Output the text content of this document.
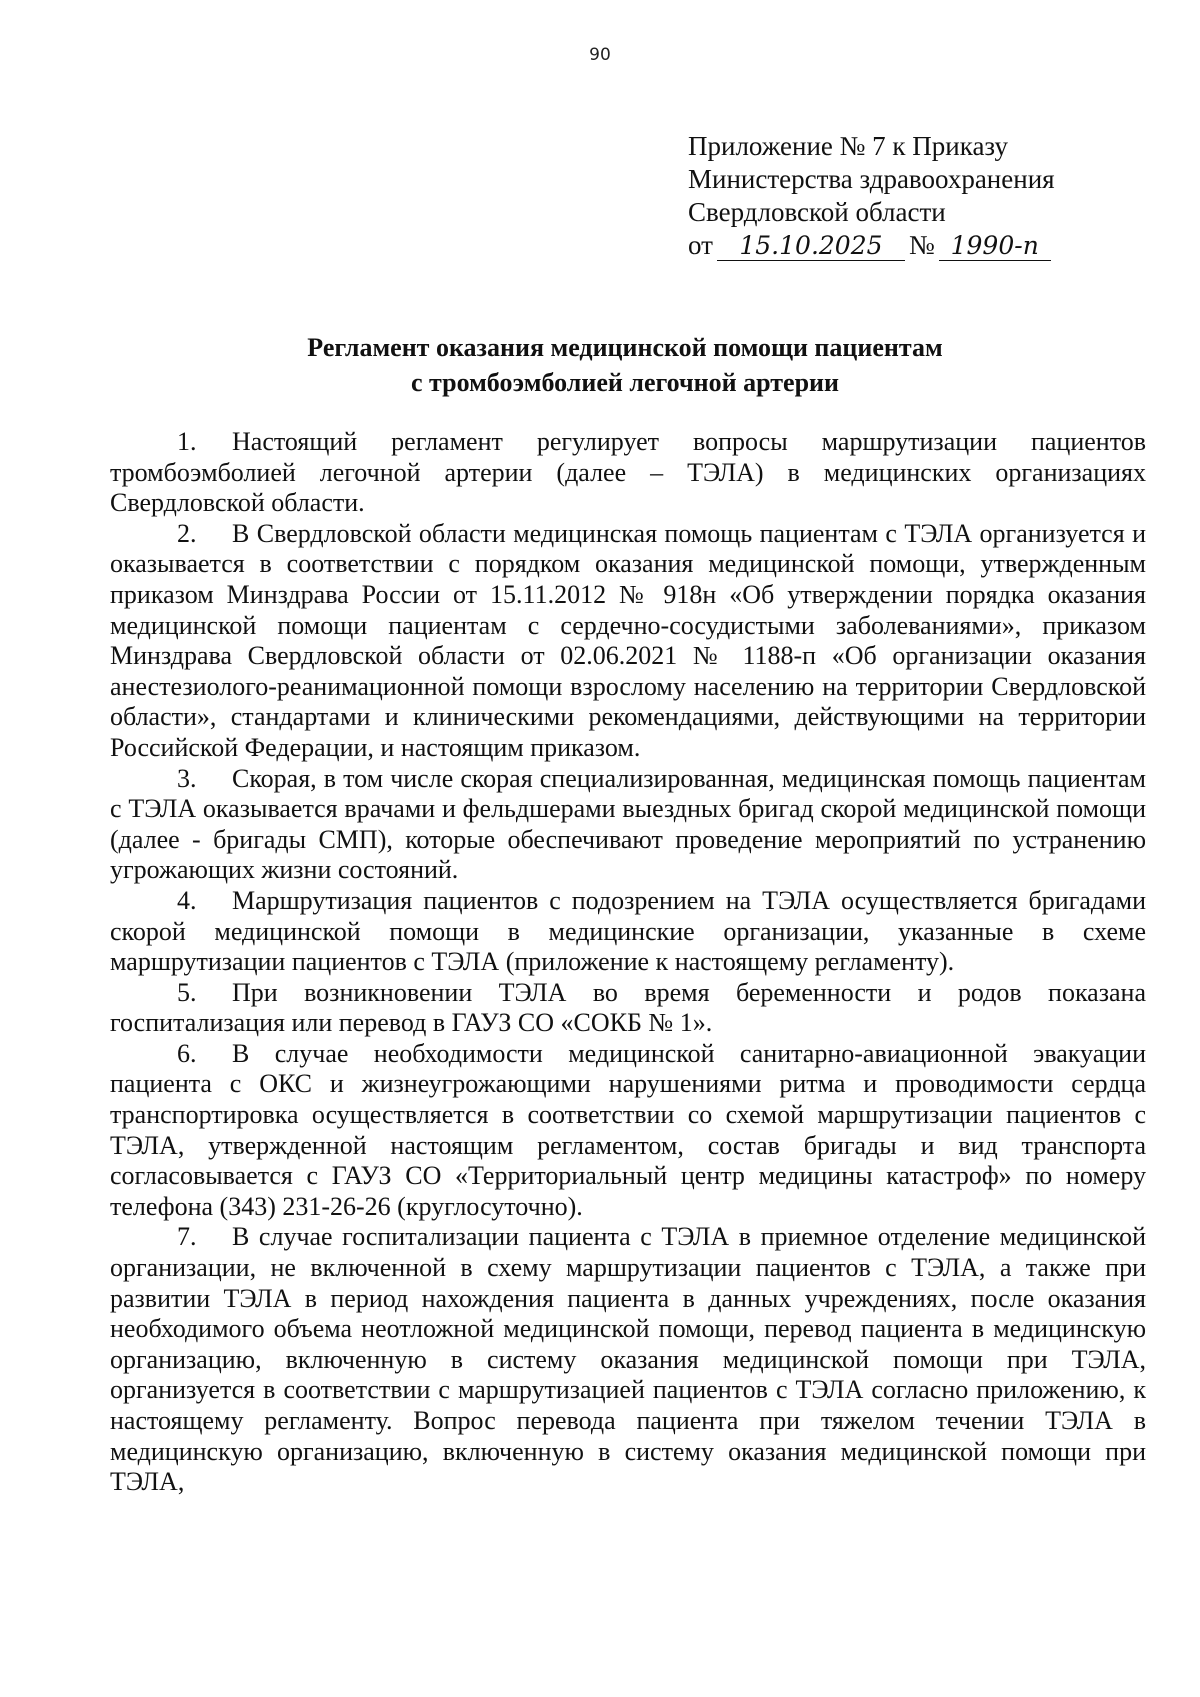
90
Приложение № 7 к Приказу
Министерства здравоохранения
Свердловской области
от 15.10.2025 № 1990-п
Регламент оказания медицинской помощи пациентам
с тромбоэмболией легочной артерии

1. Настоящий регламент регулирует вопросы маршрутизации пациентов тромбоэмболией легочной артерии (далее – ТЭЛА) в медицинских организациях Свердловской области.

2. В Свердловской области медицинская помощь пациентам с ТЭЛА организуется и оказывается в соответствии с порядком оказания медицинской помощи, утвержденным приказом Минздрава России от 15.11.2012 № 918н «Об утверждении порядка оказания медицинской помощи пациентам с сердечно-сосудистыми заболеваниями», приказом Минздрава Свердловской области от 02.06.2021 № 1188-п «Об организации оказания анестезиолого-реанимационной помощи взрослому населению на территории Свердловской области», стандартами и клиническими рекомендациями, действующими на территории Российской Федерации, и настоящим приказом.

3. Скорая, в том числе скорая специализированная, медицинская помощь пациентам с ТЭЛА оказывается врачами и фельдшерами выездных бригад скорой медицинской помощи (далее - бригады СМП), которые обеспечивают проведение мероприятий по устранению угрожающих жизни состояний.

4. Маршрутизация пациентов с подозрением на ТЭЛА осуществляется бригадами скорой медицинской помощи в медицинские организации, указанные в схеме маршрутизации пациентов с ТЭЛА (приложение к настоящему регламенту).

5. При возникновении ТЭЛА во время беременности и родов показана госпитализация или перевод в ГАУЗ СО «СОКБ № 1».

6. В случае необходимости медицинской санитарно-авиационной эвакуации пациента с ОКС и жизнеугрожающими нарушениями ритма и проводимости сердца транспортировка осуществляется в соответствии со схемой маршрутизации пациентов с ТЭЛА, утвержденной настоящим регламентом, состав бригады и вид транспорта согласовывается с ГАУЗ СО «Территориальный центр медицины катастроф» по номеру телефона (343) 231-26-26 (круглосуточно).

7. В случае госпитализации пациента с ТЭЛА в приемное отделение медицинской организации, не включенной в схему маршрутизации пациентов с ТЭЛА, а также при развитии ТЭЛА в период нахождения пациента в данных учреждениях, после оказания необходимого объема неотложной медицинской помощи, перевод пациента в медицинскую организацию, включенную в систему оказания медицинской помощи при ТЭЛА, организуется в соответствии с маршрутизацией пациентов с ТЭЛА согласно приложению, к настоящему регламенту. Вопрос перевода пациента при тяжелом течении ТЭЛА в медицинскую организацию, включенную в систему оказания медицинской помощи при ТЭЛА,
